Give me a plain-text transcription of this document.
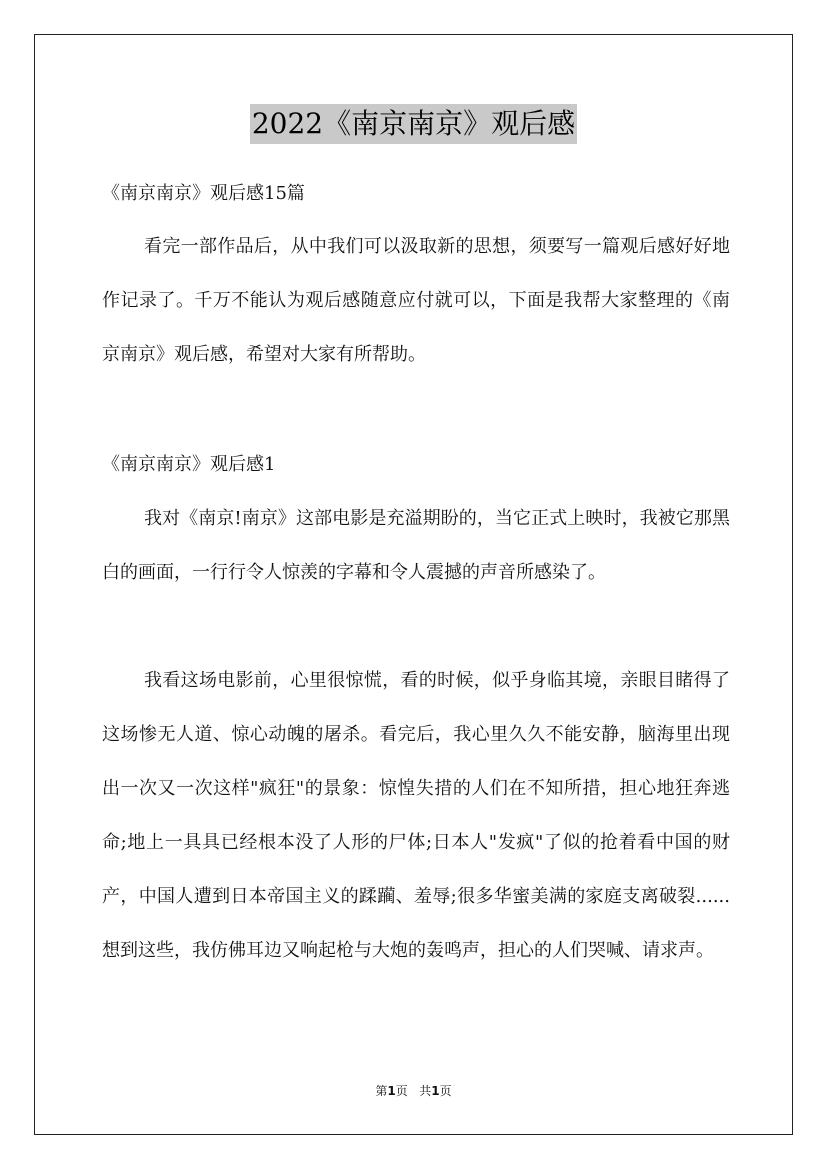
2022《南京南京》观后感

《南京南京》观后感15篇

看完一部作品后，从中我们可以汲取新的思想，须要写一篇观后感好好地作记录了。千万不能认为观后感随意应付就可以，下面是我帮大家整理的《南京南京》观后感，希望对大家有所帮助。

《南京南京》观后感1

我对《南京!南京》这部电影是充溢期盼的，当它正式上映时，我被它那黑白的画面，一行行令人惊羡的字幕和令人震撼的声音所感染了。

我看这场电影前，心里很惊慌，看的时候，似乎身临其境，亲眼目睹得了这场惨无人道、惊心动魄的屠杀。看完后，我心里久久不能安静，脑海里出现出一次又一次这样"疯狂"的景象：惊惶失措的人们在不知所措，担心地狂奔逃命;地上一具具已经根本没了人形的尸体;日本人"发疯"了似的抢着看中国的财产，中国人遭到日本帝国主义的蹂躏、羞辱;很多华蜜美满的家庭支离破裂......想到这些，我仿佛耳边又响起枪与大炮的轰鸣声，担心的人们哭喊、请求声。

第1页 共1页
